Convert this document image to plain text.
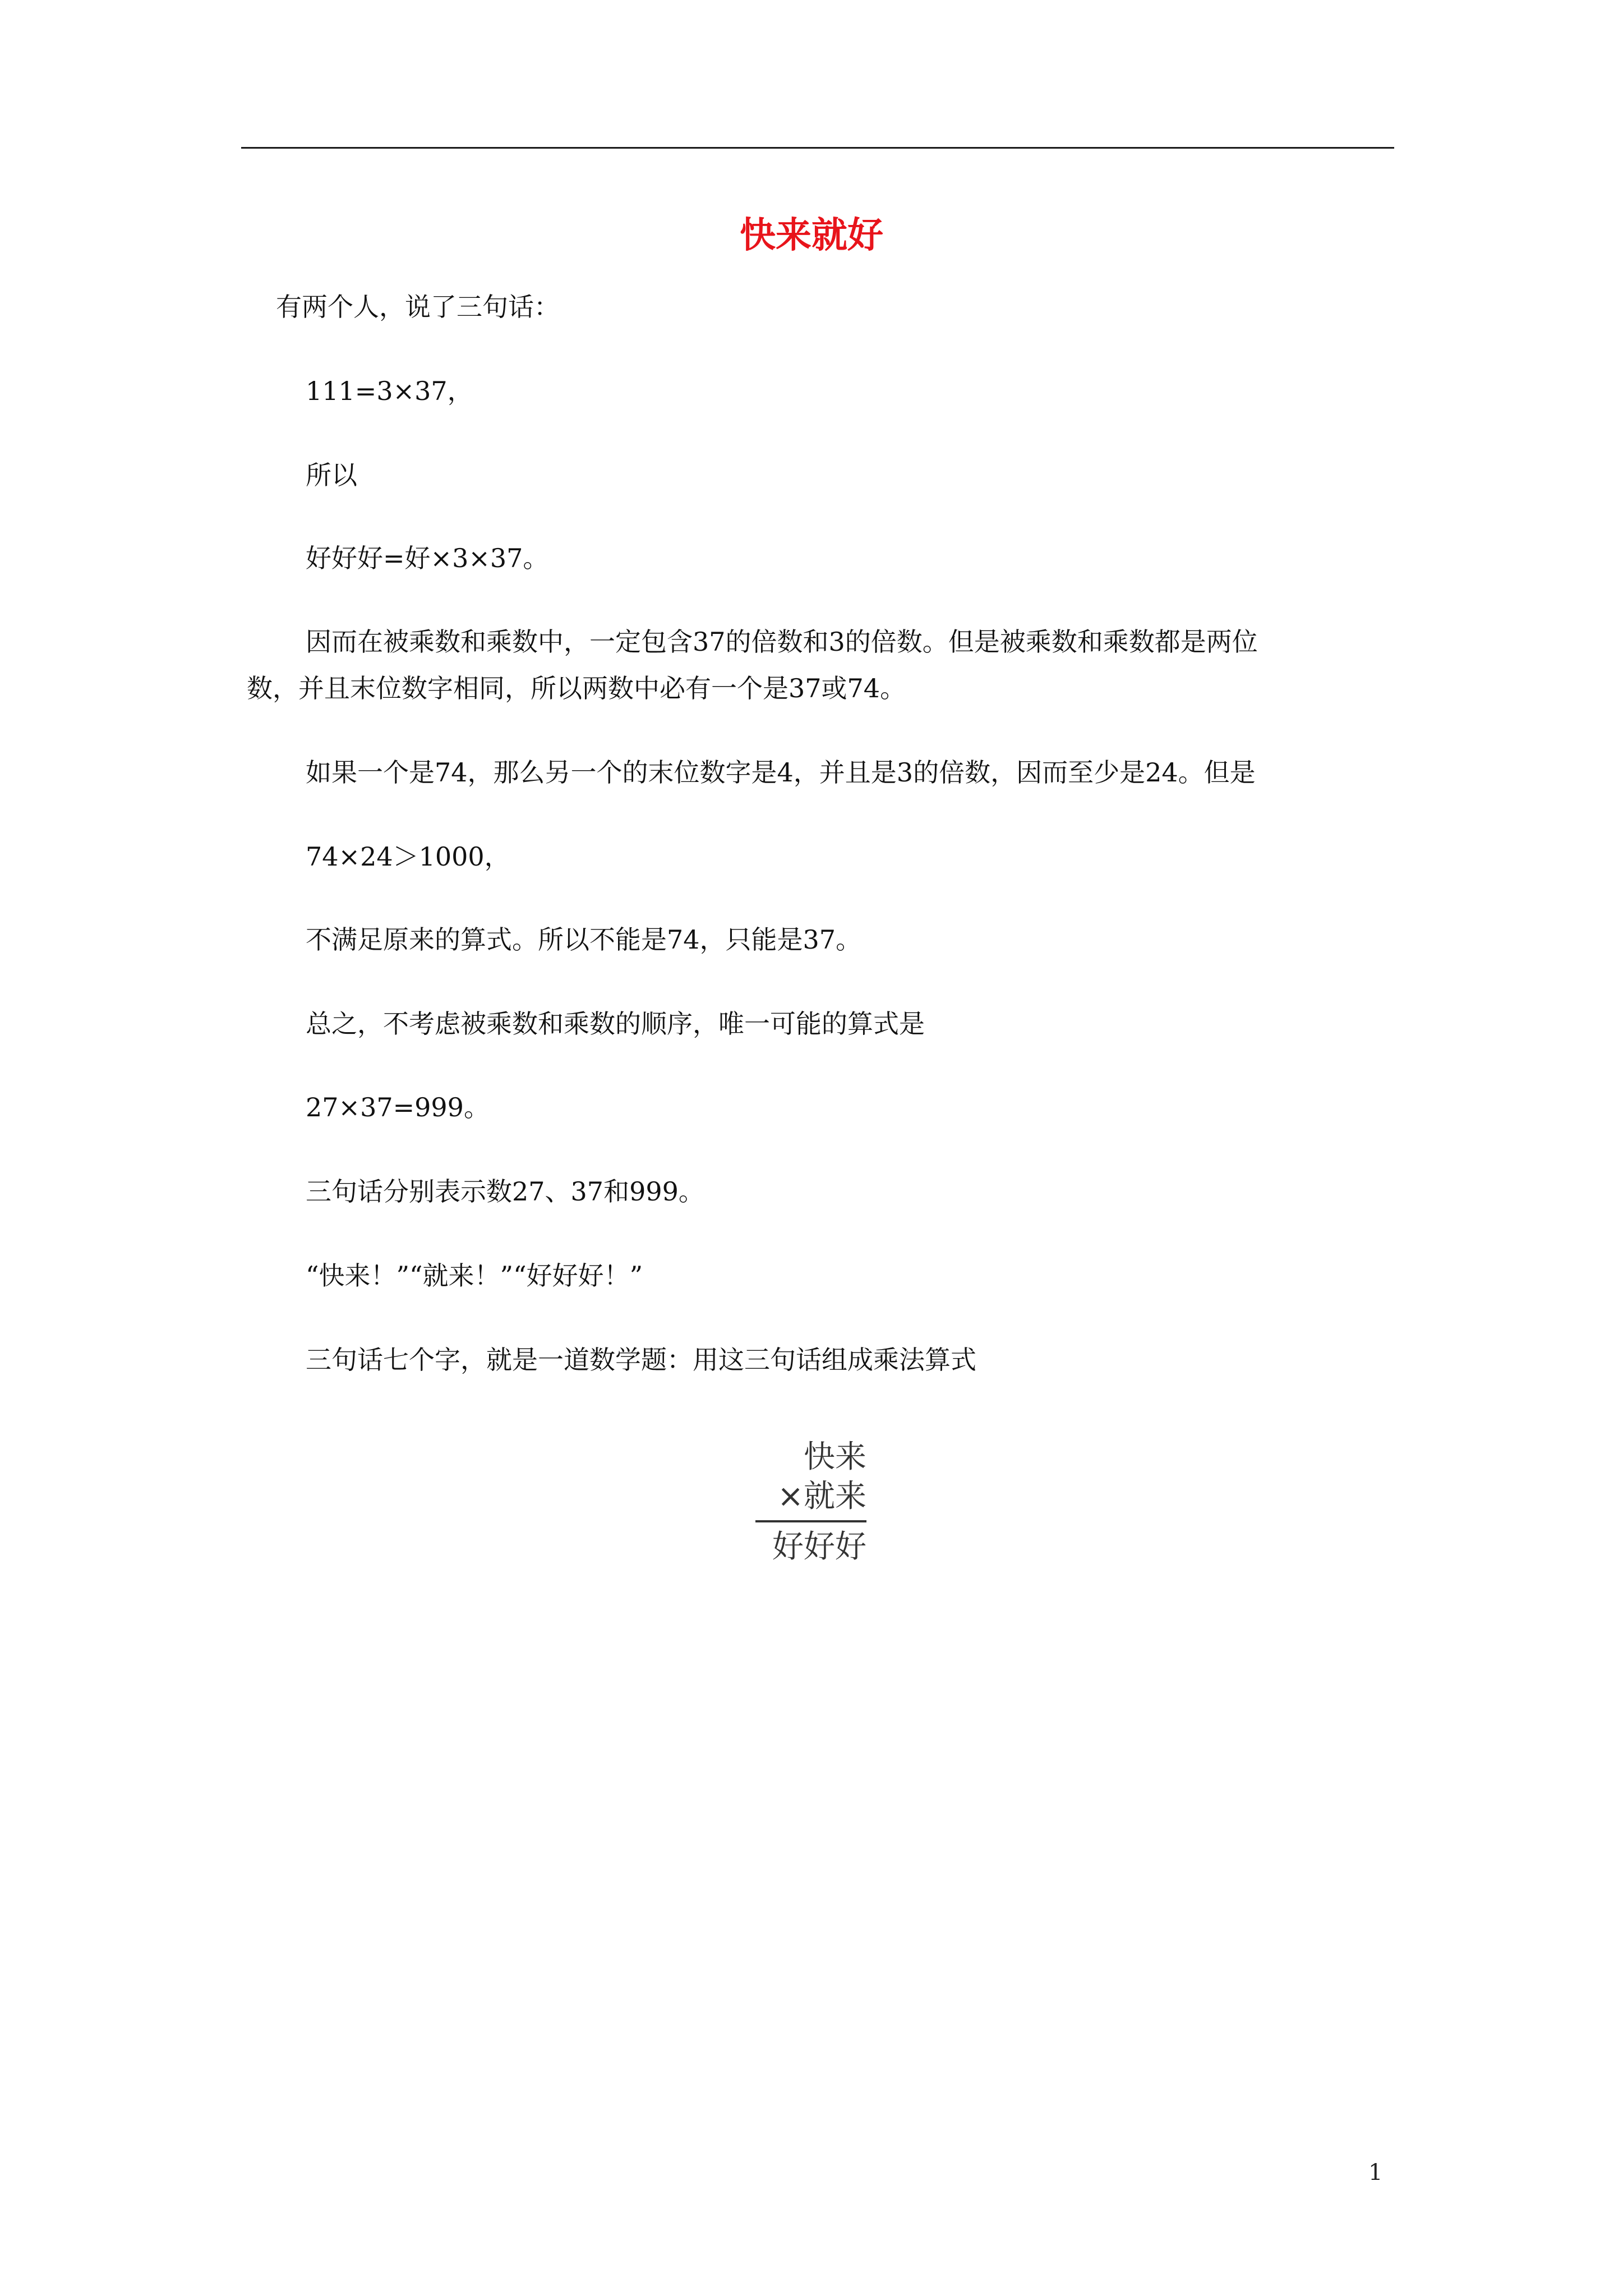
快来就好
有两个人，说了三句话：
111=3×37，
所以
好好好=好×3×37。
因而在被乘数和乘数中，一定包含37的倍数和3的倍数。但是被乘数和乘数都是两位
数，并且末位数字相同，所以两数中必有一个是37或74。
如果一个是74，那么另一个的末位数字是4，并且是3的倍数，因而至少是24。但是
74×24＞1000，
不满足原来的算式。所以不能是74，只能是37。
总之，不考虑被乘数和乘数的顺序，唯一可能的算式是
27×37=999。
三句话分别表示数27、37和999。
“快来！”“就来！”“好好好！”
三句话七个字，就是一道数学题：用这三句话组成乘法算式
快来
×就来
好好好
1
